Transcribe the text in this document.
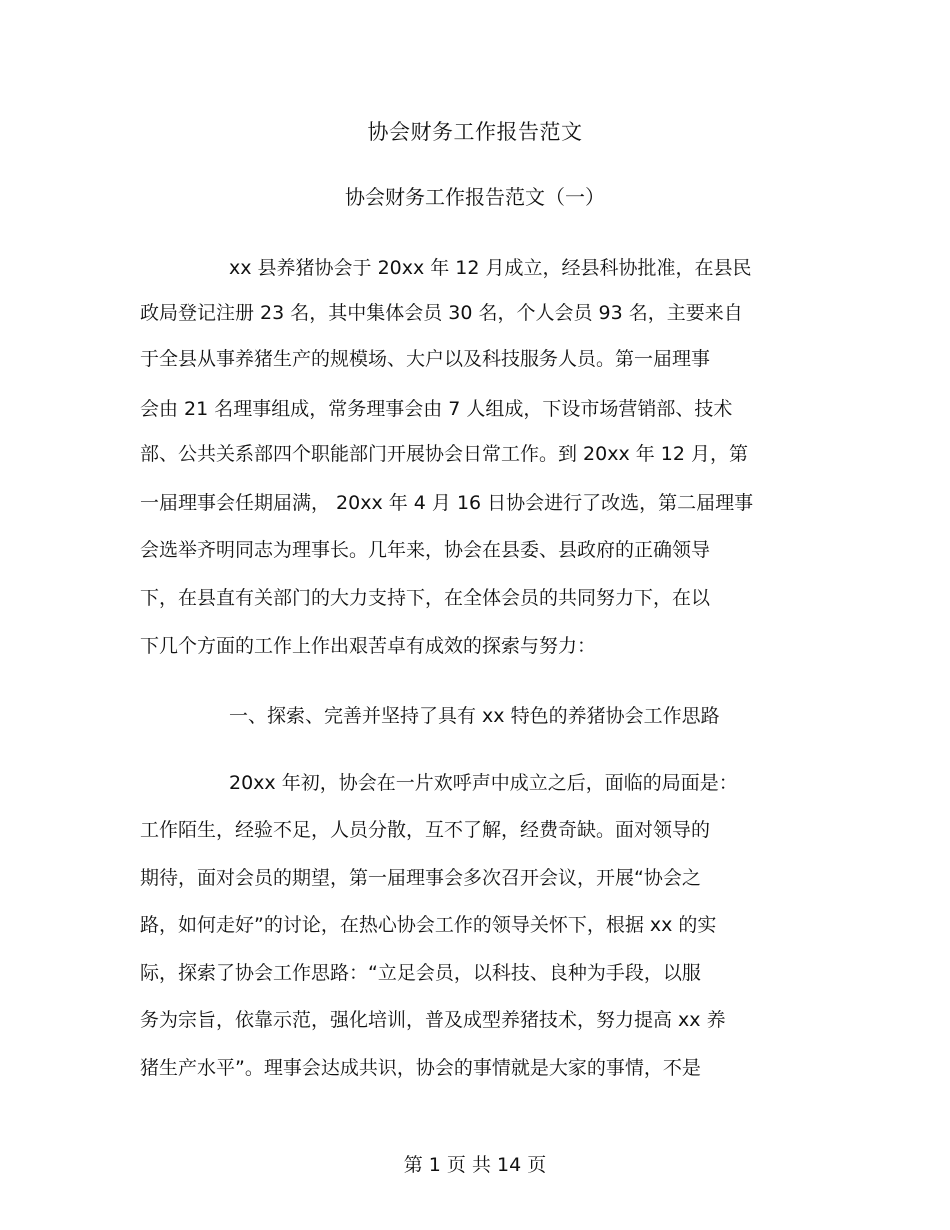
协会财务工作报告范文
协会财务工作报告范文（一）
xx 县养猪协会于 20xx 年 12 月成立，经县科协批准，在县民
政局登记注册 23 名，其中集体会员 30 名，个人会员 93 名，主要来自
于全县从事养猪生产的规模场、大户以及科技服务人员。第一届理事
会由 21 名理事组成，常务理事会由 7 人组成，下设市场营销部、技术
部、公共关系部四个职能部门开展协会日常工作。到 20xx 年 12 月，第
一届理事会任期届满， 20xx 年 4 月 16 日协会进行了改选，第二届理事
会选举齐明同志为理事长。几年来，协会在县委、县政府的正确领导
下，在县直有关部门的大力支持下，在全体会员的共同努力下，在以
下几个方面的工作上作出艰苦卓有成效的探索与努力：
一、探索、完善并坚持了具有 xx 特色的养猪协会工作思路
20xx 年初，协会在一片欢呼声中成立之后，面临的局面是：
工作陌生，经验不足，人员分散，互不了解，经费奇缺。面对领导的
期待，面对会员的期望，第一届理事会多次召开会议，开展“协会之
路，如何走好”的讨论，在热心协会工作的领导关怀下，根据 xx 的实
际，探索了协会工作思路：“立足会员，以科技、良种为手段，以服
务为宗旨，依靠示范，强化培训，普及成型养猪技术，努力提高 xx 养
猪生产水平”。理事会达成共识，协会的事情就是大家的事情，不是
第 1 页 共 14 页
